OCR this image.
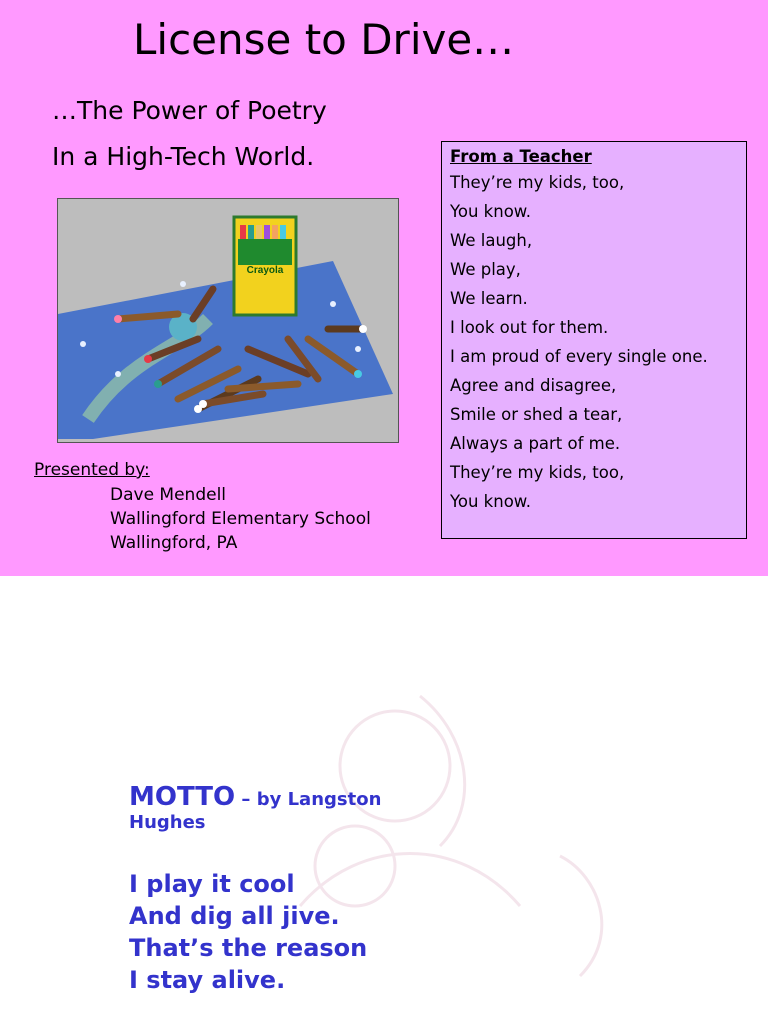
License to Drive…
…The Power of Poetry
In a High-Tech World.
Crayola
Presented by:
Dave Mendell
Wallingford Elementary School
Wallingford, PA
From a Teacher
They’re my kids, too,
You know.
We laugh,
We play,
We learn.
I look out for them.
I am proud of every single one.
Agree and disagree,
Smile or shed a tear,
Always a part of me.
They’re my kids, too,
You know.
MOTTO – by Langston Hughes
I play it cool
And dig all jive.
That’s the reason
I stay alive.
